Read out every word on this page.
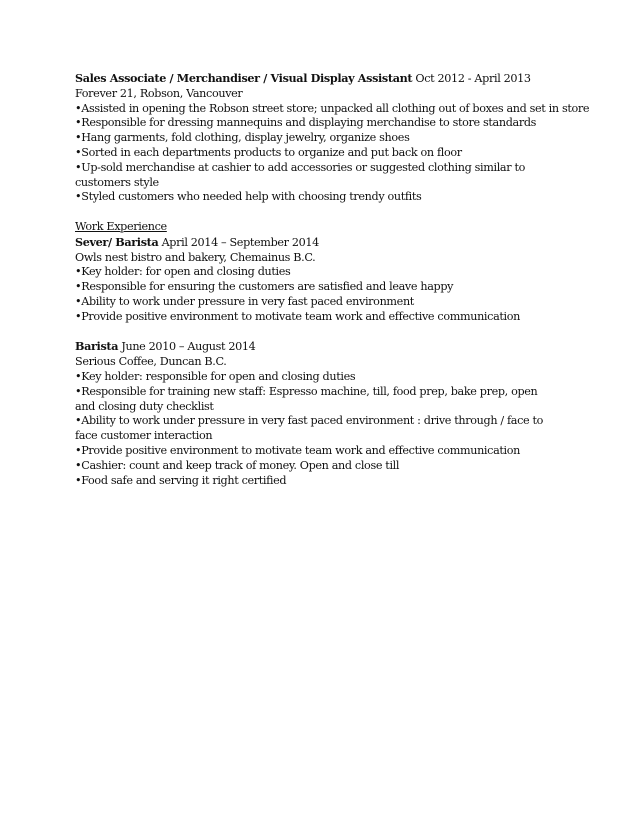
Sales Associate / Merchandiser / Visual Display Assistant Oct 2012 - April 2013
Forever 21, Robson, Vancouver
•Assisted in opening the Robson street store; unpacked all clothing out of boxes and set in store
•Responsible for dressing mannequins and displaying merchandise to store standards
•Hang garments, fold clothing, display jewelry, organize shoes
•Sorted in each departments products to organize and put back on floor
•Up-sold merchandise at cashier to add accessories or suggested clothing similar to customers style
•Styled customers who needed help with choosing trendy outfits
Work Experience
Sever/ Barista April 2014 – September 2014
Owls nest bistro and bakery, Chemainus B.C.
•Key holder: for open and closing duties
•Responsible for ensuring the customers are satisfied and leave happy
•Ability to work under pressure in very fast paced environment
•Provide positive environment to motivate team work and effective communication
Barista June 2010 – August 2014
Serious Coffee, Duncan B.C.
•Key holder: responsible for open and closing duties
•Responsible for training new staff: Espresso machine, till, food prep, bake prep, open and closing duty checklist
•Ability to work under pressure in very fast paced environment : drive through / face to face customer interaction
•Provide positive environment to motivate team work and effective communication
•Cashier: count and keep track of money. Open and close till
•Food safe and serving it right certified
